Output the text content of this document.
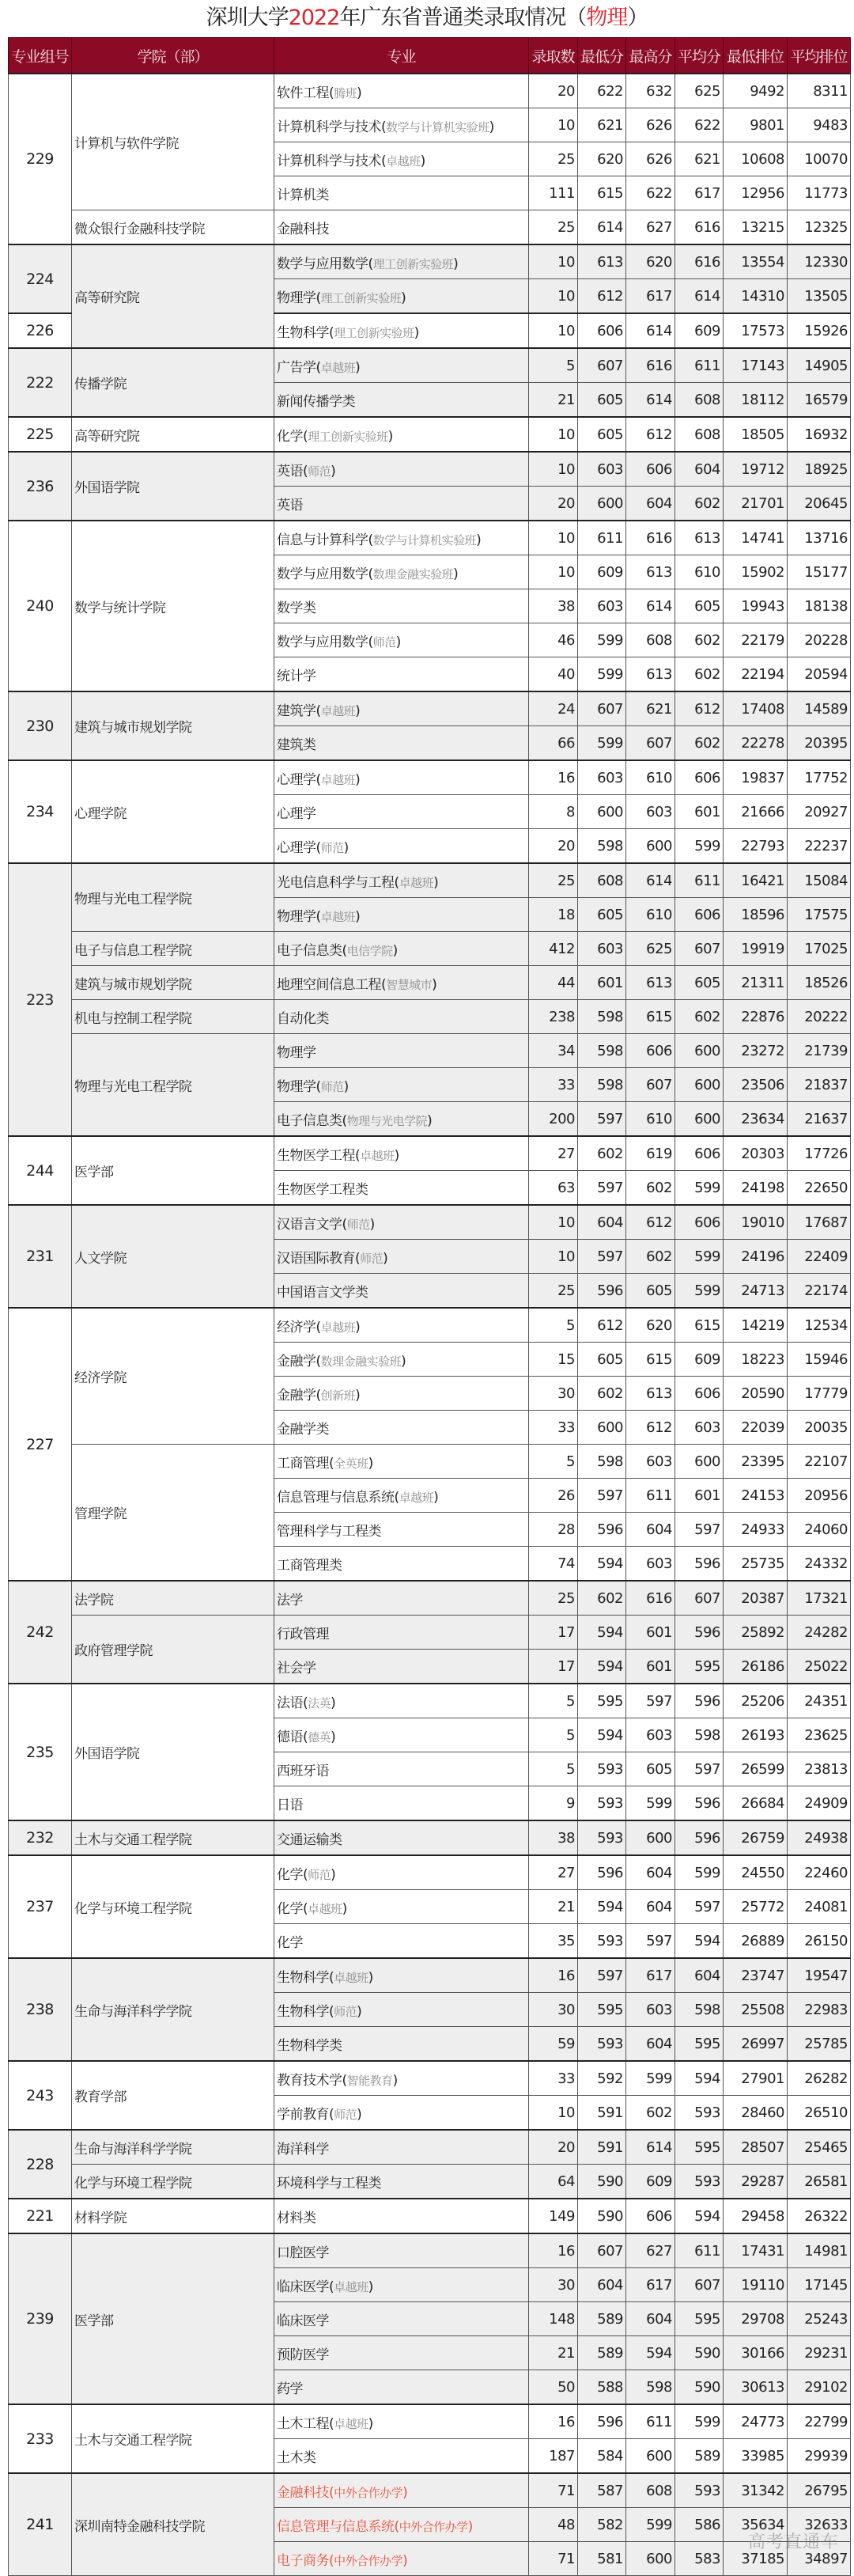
深圳大学2022年广东省普通类录取情况（物理）
专业组号	学院（部）	专业	录取数	最低分	最高分	平均分	最低排位	平均排位
229	计算机与软件学院	软件工程(腾班)	20	622	632	625	9492	8311
		计算机科学与技术(数学与计算机实验班)	10	621	626	622	9801	9483
		计算机科学与技术(卓越班)	25	620	626	621	10608	10070
		计算机类	111	615	622	617	12956	11773
	微众银行金融科技学院	金融科技	25	614	627	616	13215	12325
224	高等研究院	数学与应用数学(理工创新实验班)	10	613	620	616	13554	12330
		物理学(理工创新实验班)	10	612	617	614	14310	13505
226		生物科学(理工创新实验班)	10	606	614	609	17573	15926
222	传播学院	广告学(卓越班)	5	607	616	611	17143	14905
		新闻传播学类	21	605	614	608	18112	16579
225	高等研究院	化学(理工创新实验班)	10	605	612	608	18505	16932
236	外国语学院	英语(师范)	10	603	606	604	19712	18925
		英语	20	600	604	602	21701	20645
240	数学与统计学院	信息与计算科学(数学与计算机实验班)	10	611	616	613	14741	13716
		数学与应用数学(数理金融实验班)	10	609	613	610	15902	15177
		数学类	38	603	614	605	19943	18138
		数学与应用数学(师范)	46	599	608	602	22179	20228
		统计学	40	599	613	602	22194	20594
230	建筑与城市规划学院	建筑学(卓越班)	24	607	621	612	17408	14589
		建筑类	66	599	607	602	22278	20395
234	心理学院	心理学(卓越班)	16	603	610	606	19837	17752
		心理学	8	600	603	601	21666	20927
		心理学(师范)	20	598	600	599	22793	22237
223	物理与光电工程学院	光电信息科学与工程(卓越班)	25	608	614	611	16421	15084
		物理学(卓越班)	18	605	610	606	18596	17575
	电子与信息工程学院	电子信息类(电信学院)	412	603	625	607	19919	17025
	建筑与城市规划学院	地理空间信息工程(智慧城市)	44	601	613	605	21311	18526
	机电与控制工程学院	自动化类	238	598	615	602	22876	20222
	物理与光电工程学院	物理学	34	598	606	600	23272	21739
		物理学(师范)	33	598	607	600	23506	21837
		电子信息类(物理与光电学院)	200	597	610	600	23634	21637
244	医学部	生物医学工程(卓越班)	27	602	619	606	20303	17726
		生物医学工程类	63	597	602	599	24198	22650
231	人文学院	汉语言文学(师范)	10	604	612	606	19010	17687
		汉语国际教育(师范)	10	597	602	599	24196	22409
		中国语言文学类	25	596	605	599	24713	22174
227	经济学院	经济学(卓越班)	5	612	620	615	14219	12534
		金融学(数理金融实验班)	15	605	615	609	18223	15946
		金融学(创新班)	30	602	613	606	20590	17779
		金融学类	33	600	612	603	22039	20035
	管理学院	工商管理(全英班)	5	598	603	600	23395	22107
		信息管理与信息系统(卓越班)	26	597	611	601	24153	20956
		管理科学与工程类	28	596	604	597	24933	24060
		工商管理类	74	594	603	596	25735	24332
242	法学院	法学	25	602	616	607	20387	17321
	政府管理学院	行政管理	17	594	601	596	25892	24282
		社会学	17	594	601	595	26186	25022
235	外国语学院	法语(法英)	5	595	597	596	25206	24351
		德语(德英)	5	594	603	598	26193	23625
		西班牙语	5	593	605	597	26599	23813
		日语	9	593	599	596	26684	24909
232	土木与交通工程学院	交通运输类	38	593	600	596	26759	24938
237	化学与环境工程学院	化学(师范)	27	596	604	599	24550	22460
		化学(卓越班)	21	594	604	597	25772	24081
		化学	35	593	597	594	26889	26150
238	生命与海洋科学学院	生物科学(卓越班)	16	597	617	604	23747	19547
		生物科学(师范)	30	595	603	598	25508	22983
		生物科学类	59	593	604	595	26997	25785
243	教育学部	教育技术学(智能教育)	33	592	599	594	27901	26282
		学前教育(师范)	10	591	602	593	28460	26510
228	生命与海洋科学学院	海洋科学	20	591	614	595	28507	25465
	化学与环境工程学院	环境科学与工程类	64	590	609	593	29287	26581
221	材料学院	材料类	149	590	606	594	29458	26322
239	医学部	口腔医学	16	607	627	611	17431	14981
		临床医学(卓越班)	30	604	617	607	19110	17145
		临床医学	148	589	604	595	29708	25243
		预防医学	21	589	594	590	30166	29231
		药学	50	588	598	590	30613	29102
233	土木与交通工程学院	土木工程(卓越班)	16	596	611	599	24773	22799
		土木类	187	584	600	589	33985	29939
241	深圳南特金融科技学院	金融科技(中外合作办学)	71	587	608	593	31342	26795
		信息管理与信息系统(中外合作办学)	48	582	599	586	35634	32633
		电子商务(中外合作办学)	71	581	600	583	37185	34897
高考直通车
